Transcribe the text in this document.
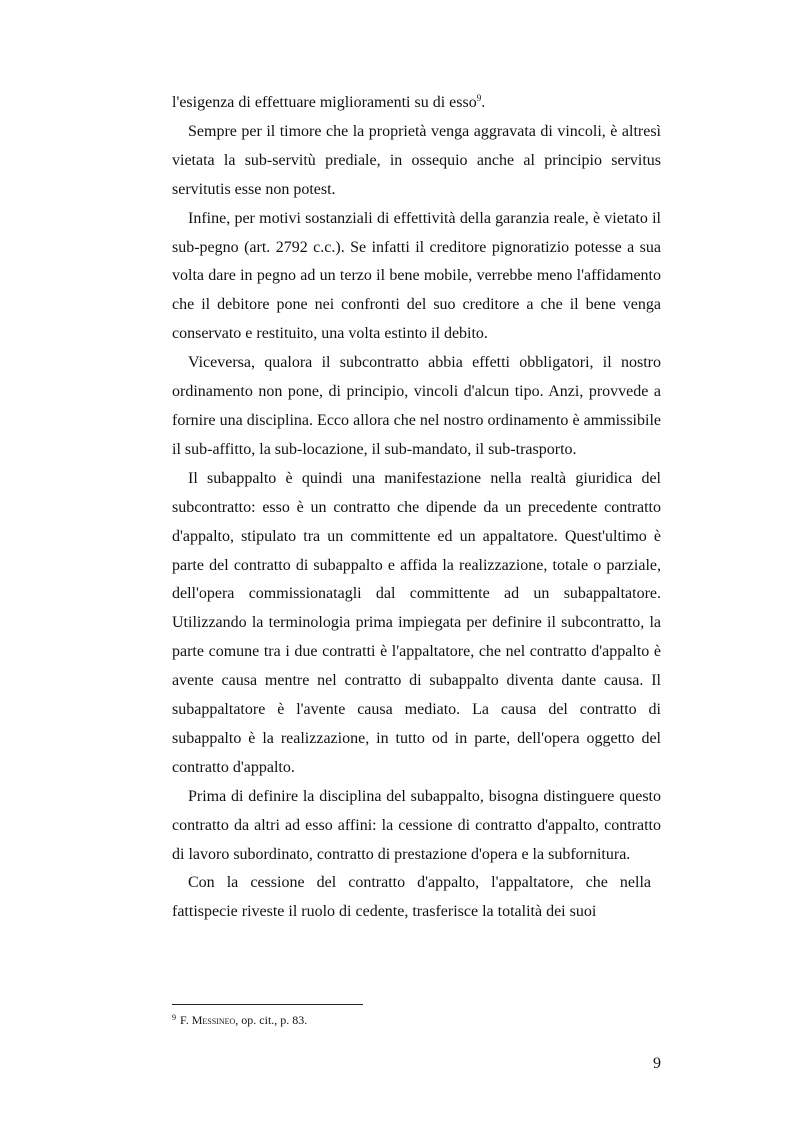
l'esigenza di effettuare miglioramenti su di esso$^9$.

Sempre per il timore che la proprietà venga aggravata di vincoli, è altresì vietata la sub-servitù prediale, in ossequio anche al principio servitus servitutis esse non potest.

Infine, per motivi sostanziali di effettività della garanzia reale, è vietato il sub-pegno (art. 2792 c.c.). Se infatti il creditore pignoratizio potesse a sua volta dare in pegno ad un terzo il bene mobile, verrebbe meno l'affidamento che il debitore pone nei confronti del suo creditore a che il bene venga conservato e restituito, una volta estinto il debito.

Viceversa, qualora il subcontratto abbia effetti obbligatori, il nostro ordinamento non pone, di principio, vincoli d'alcun tipo. Anzi, provvede a fornire una disciplina. Ecco allora che nel nostro ordinamento è ammissibile il sub-affitto, la sub-locazione, il sub-mandato, il sub-trasporto.

Il subappalto è quindi una manifestazione nella realtà giuridica del subcontratto: esso è un contratto che dipende da un precedente contratto d'appalto, stipulato tra un committente ed un appaltatore. Quest'ultimo è parte del contratto di subappalto e affida la realizzazione, totale o parziale, dell'opera commissionatagli dal committente ad un subappaltatore. Utilizzando la terminologia prima impiegata per definire il subcontratto, la parte comune tra i due contratti è l'appaltatore, che nel contratto d'appalto è avente causa mentre nel contratto di subappalto diventa dante causa. Il subappaltatore è l'avente causa mediato. La causa del contratto di subappalto è la realizzazione, in tutto od in parte, dell'opera oggetto del contratto d'appalto.

Prima di definire la disciplina del subappalto, bisogna distinguere questo contratto da altri ad esso affini: la cessione di contratto d'appalto, contratto di lavoro subordinato, contratto di prestazione d'opera e la subfornitura.

Con la cessione del contratto d'appalto, l'appaltatore, che nella fattispecie riveste il ruolo di cedente, trasferisce la totalità dei suoi

$^9$ F. Messineo, op. cit., p. 83.
9
